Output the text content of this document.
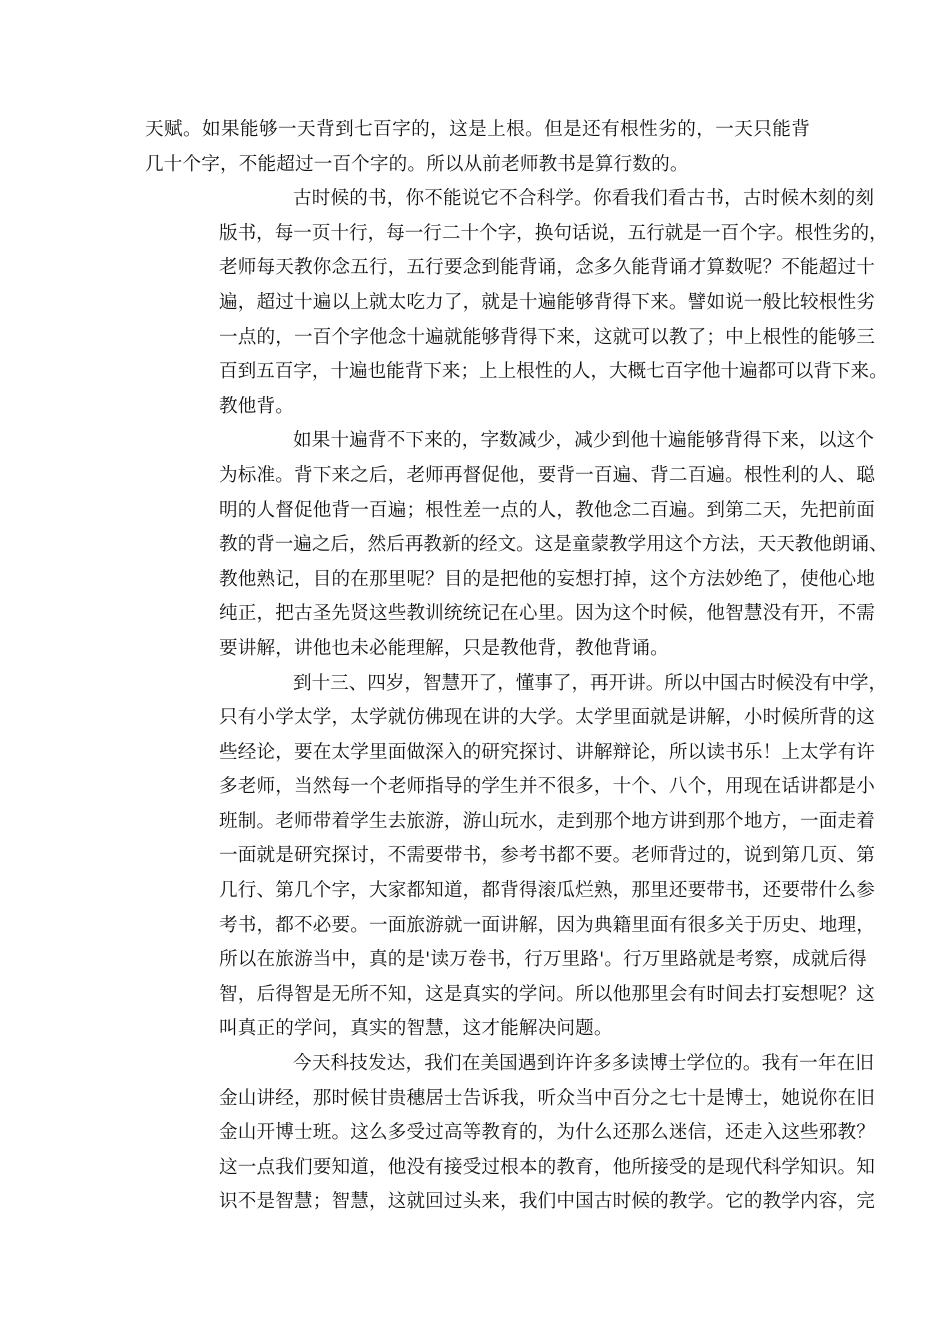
天赋。如果能够一天背到七百字的，这是上根。但是还有根性劣的，一天只能背
几十个字，不能超过一百个字的。所以从前老师教书是算行数的。
古时候的书，你不能说它不合科学。你看我们看古书，古时候木刻的刻
版书，每一页十行，每一行二十个字，换句话说，五行就是一百个字。根性劣的，
老师每天教你念五行，五行要念到能背诵，念多久能背诵才算数呢？不能超过十
遍，超过十遍以上就太吃力了，就是十遍能够背得下来。譬如说一般比较根性劣
一点的，一百个字他念十遍就能够背得下来，这就可以教了；中上根性的能够三
百到五百字，十遍也能背下来；上上根性的人，大概七百字他十遍都可以背下来。
教他背。
如果十遍背不下来的，字数减少，减少到他十遍能够背得下来，以这个
为标准。背下来之后，老师再督促他，要背一百遍、背二百遍。根性利的人、聪
明的人督促他背一百遍；根性差一点的人，教他念二百遍。到第二天，先把前面
教的背一遍之后，然后再教新的经文。这是童蒙教学用这个方法，天天教他朗诵、
教他熟记，目的在那里呢？目的是把他的妄想打掉，这个方法妙绝了，使他心地
纯正，把古圣先贤这些教训统统记在心里。因为这个时候，他智慧没有开，不需
要讲解，讲他也未必能理解，只是教他背，教他背诵。
到十三、四岁，智慧开了，懂事了，再开讲。所以中国古时候没有中学，
只有小学太学，太学就仿佛现在讲的大学。太学里面就是讲解，小时候所背的这
些经论，要在太学里面做深入的研究探讨、讲解辩论，所以读书乐！上太学有许
多老师，当然每一个老师指导的学生并不很多，十个、八个，用现在话讲都是小
班制。老师带着学生去旅游，游山玩水，走到那个地方讲到那个地方，一面走着
一面就是研究探讨，不需要带书，参考书都不要。老师背过的，说到第几页、第
几行、第几个字，大家都知道，都背得滚瓜烂熟，那里还要带书，还要带什么参
考书，都不必要。一面旅游就一面讲解，因为典籍里面有很多关于历史、地理，
所以在旅游当中，真的是'读万卷书，行万里路'。行万里路就是考察，成就后得
智，后得智是无所不知，这是真实的学问。所以他那里会有时间去打妄想呢？这
叫真正的学问，真实的智慧，这才能解决问题。
今天科技发达，我们在美国遇到许许多多读博士学位的。我有一年在旧
金山讲经，那时候甘贵穗居士告诉我，听众当中百分之七十是博士，她说你在旧
金山开博士班。这么多受过高等教育的，为什么还那么迷信，还走入这些邪教？
这一点我们要知道，他没有接受过根本的教育，他所接受的是现代科学知识。知
识不是智慧；智慧，这就回过头来，我们中国古时候的教学。它的教学内容，完
